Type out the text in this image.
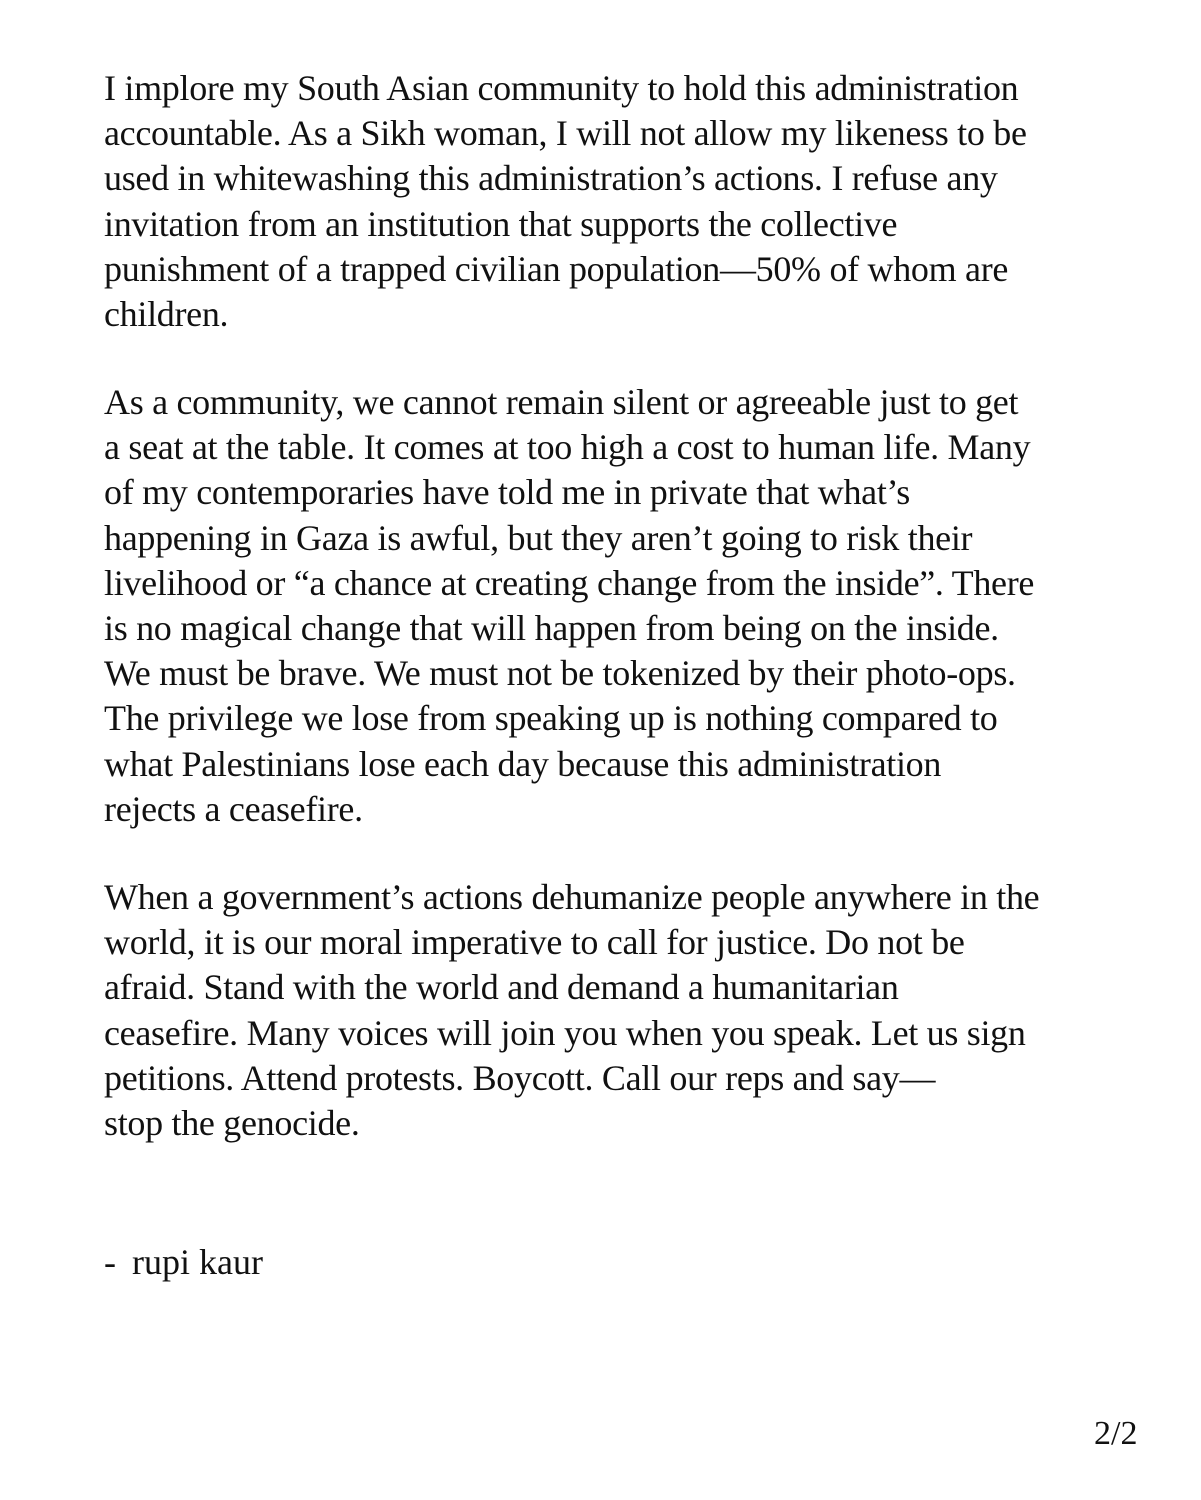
I implore my South Asian community to hold this administration
accountable. As a Sikh woman, I will not allow my likeness to be
used in whitewashing this administration’s actions. I refuse any
invitation from an institution that supports the collective
punishment of a trapped civilian population—50% of whom are
children.

As a community, we cannot remain silent or agreeable just to get
a seat at the table. It comes at too high a cost to human life. Many
of my contemporaries have told me in private that what’s
happening in Gaza is awful, but they aren’t going to risk their
livelihood or “a chance at creating change from the inside”. There
is no magical change that will happen from being on the inside.
We must be brave. We must not be tokenized by their photo-ops.
The privilege we lose from speaking up is nothing compared to
what Palestinians lose each day because this administration
rejects a ceasefire.

When a government’s actions dehumanize people anywhere in the
world, it is our moral imperative to call for justice. Do not be
afraid. Stand with the world and demand a humanitarian
ceasefire. Many voices will join you when you speak. Let us sign
petitions. Attend protests. Boycott. Call our reps and say—
stop the genocide.

- rupi kaur
2/2
